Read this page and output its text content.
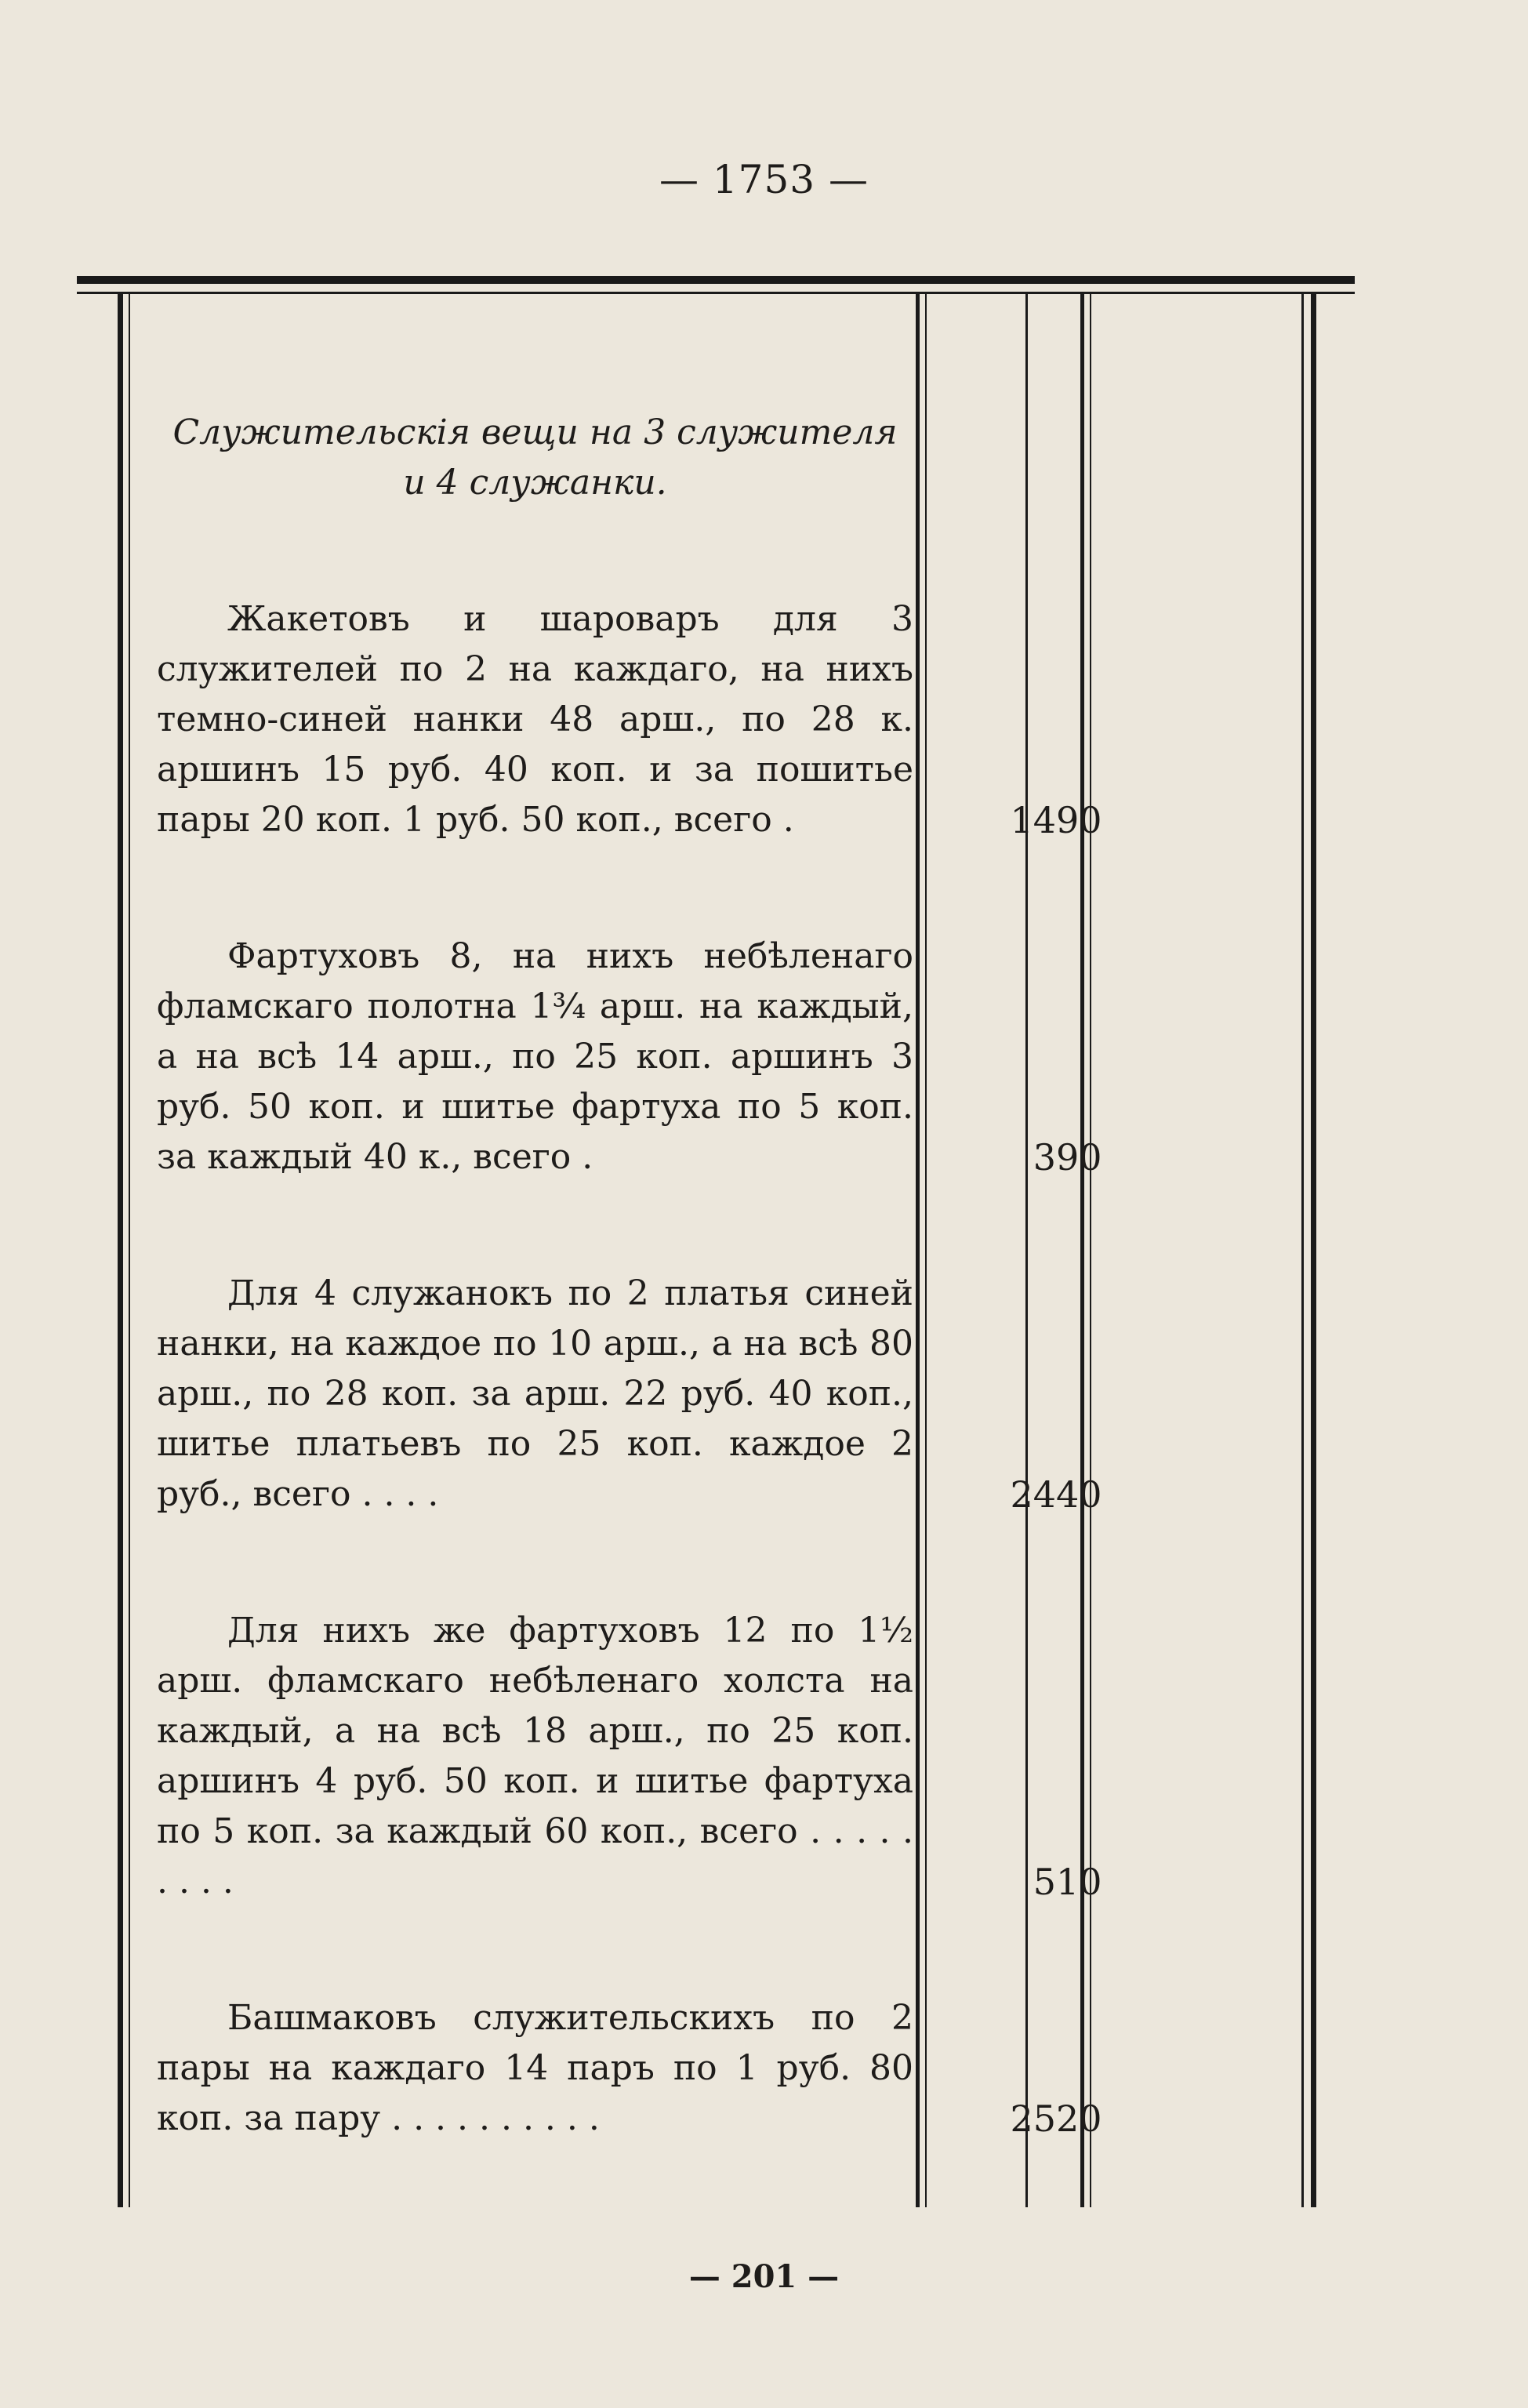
— 1753 —
Служительскія вещи на 3 служителя и 4 служанки.

Жакетовъ и шароваръ для 3 служителей по 2 на каждаго, на нихъ темно-синей нанки 48 арш., по 28 к. аршинъ 15 руб. 40 коп. и за пошитье пары 20 коп. 1 руб. 50 коп., всего .	14 90

Фартуховъ 8, на нихъ небѣленаго фламскаго полотна 1¾ арш. на каждый, а на всѣ 14 арш., по 25 коп. аршинъ 3 руб. 50 коп. и шитье фартуха по 5 коп. за каждый 40 к., всего .	3 90

Для 4 служанокъ по 2 платья синей нанки, на каждое по 10 арш., а на всѣ 80 арш., по 28 коп. за арш. 22 руб. 40 коп., шитье платьевъ по 25 коп. каждое 2 руб., всего . . . .	24 40

Для нихъ же фартуховъ 12 по 1½ арш. фламскаго небѣленаго холста на каждый, а на всѣ 18 арш., по 25 коп. аршинъ 4 руб. 50 коп. и шитье фартуха по 5 коп. за каждый 60 коп., всего . . . . . . . . .	5 10

Башмаковъ служительскихъ по 2 пары на каждаго 14 паръ по 1 руб. 80 коп. за пару . . . . . . . . . .	25 20
— 201 —
